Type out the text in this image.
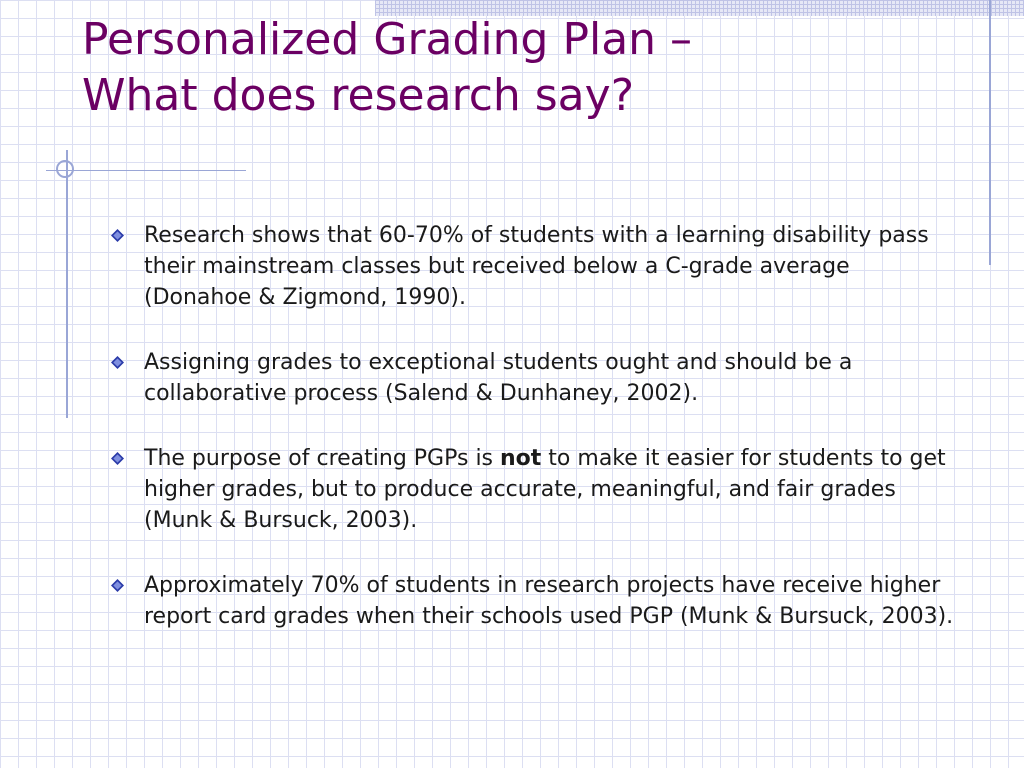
Personalized Grading Plan –
What does research say?
Research shows that 60-70% of students with a learning disability pass their mainstream classes but received below a C-grade average (Donahoe & Zigmond, 1990).
Assigning grades to exceptional students ought and should be a collaborative process (Salend & Dunhaney, 2002).
The purpose of creating PGPs is not to make it easier for students to get higher grades, but to produce accurate, meaningful, and fair grades (Munk & Bursuck, 2003).
Approximately 70% of students in research projects have receive higher report card grades when their schools used PGP (Munk & Bursuck, 2003).
